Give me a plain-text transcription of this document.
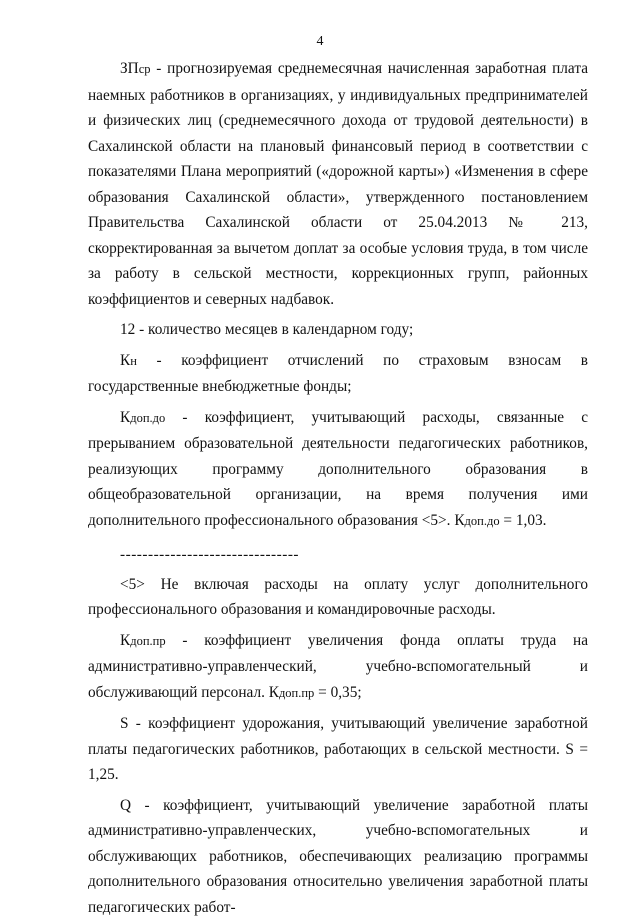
4

ЗПср - прогнозируемая среднемесячная начисленная заработная плата наемных работников в организациях, у индивидуальных предпринимателей и физических лиц (среднемесячного дохода от трудовой деятельности) в Сахалинской области на плановый финансовый период в соответствии с показателями Плана мероприятий («дорожной карты») «Изменения в сфере образования Сахалинской области», утвержденного постановлением Правительства Сахалинской области от 25.04.2013 № 213, скорректированная за вычетом доплат за особые условия труда, в том числе за работу в сельской местности, коррекционных групп, районных коэффициентов и северных надбавок.

12 - количество месяцев в календарном году;

Кн - коэффициент отчислений по страховым взносам в государственные внебюджетные фонды;

Кдоп.до - коэффициент, учитывающий расходы, связанные с прерыванием образовательной деятельности педагогических работников, реализующих программу дополнительного образования в общеобразовательной организации, на время получения ими дополнительного профессионального образования <5>. Кдоп.до = 1,03.

--------------------------------

<5> Не включая расходы на оплату услуг дополнительного профессионального образования и командировочные расходы.

Кдоп.пр - коэффициент увеличения фонда оплаты труда на административно-управленческий, учебно-вспомогательный и обслуживающий персонал. Кдоп.пр = 0,35;

S - коэффициент удорожания, учитывающий увеличение заработной платы педагогических работников, работающих в сельской местности. S = 1,25.

Q - коэффициент, учитывающий увеличение заработной платы административно-управленческих, учебно-вспомогательных и обслуживающих работников, обеспечивающих реализацию программы дополнительного образования относительно увеличения заработной платы педагогических работ-
